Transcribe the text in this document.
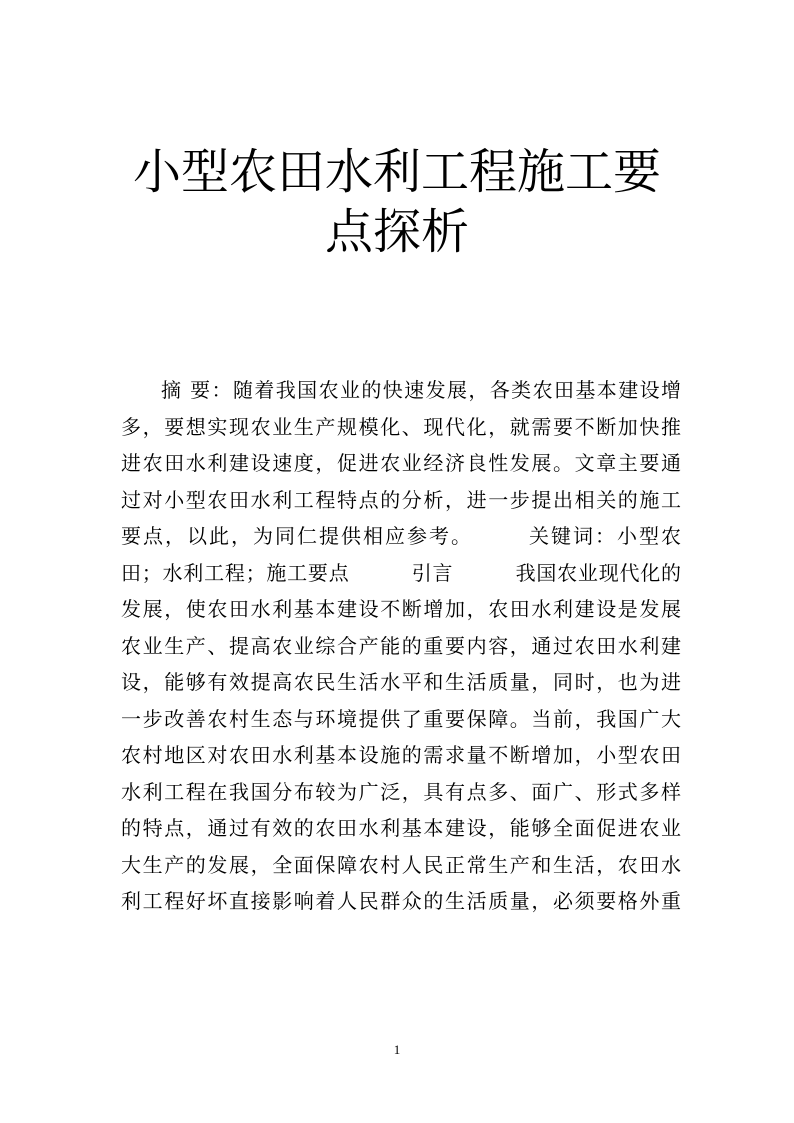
小型农田水利工程施工要
点探析
摘 要：随着我国农业的快速发展，各类农田基本建设增
多，要想实现农业生产规模化、现代化，就需要不断加快推
进农田水利建设速度，促进农业经济良性发展。文章主要通
过对小型农田水利工程特点的分析，进一步提出相关的施工
要点，以此，为同仁提供相应参考。　　　关键词：小型农
田；水利工程；施工要点　　　引言　　　我国农业现代化的
发展，使农田水利基本建设不断增加，农田水利建设是发展
农业生产、提高农业综合产能的重要内容，通过农田水利建
设，能够有效提高农民生活水平和生活质量，同时，也为进
一步改善农村生态与环境提供了重要保障。当前，我国广大
农村地区对农田水利基本设施的需求量不断增加，小型农田
水利工程在我国分布较为广泛，具有点多、面广、形式多样
的特点，通过有效的农田水利基本建设，能够全面促进农业
大生产的发展，全面保障农村人民正常生产和生活，农田水
利工程好坏直接影响着人民群众的生活质量，必须要格外重
1
